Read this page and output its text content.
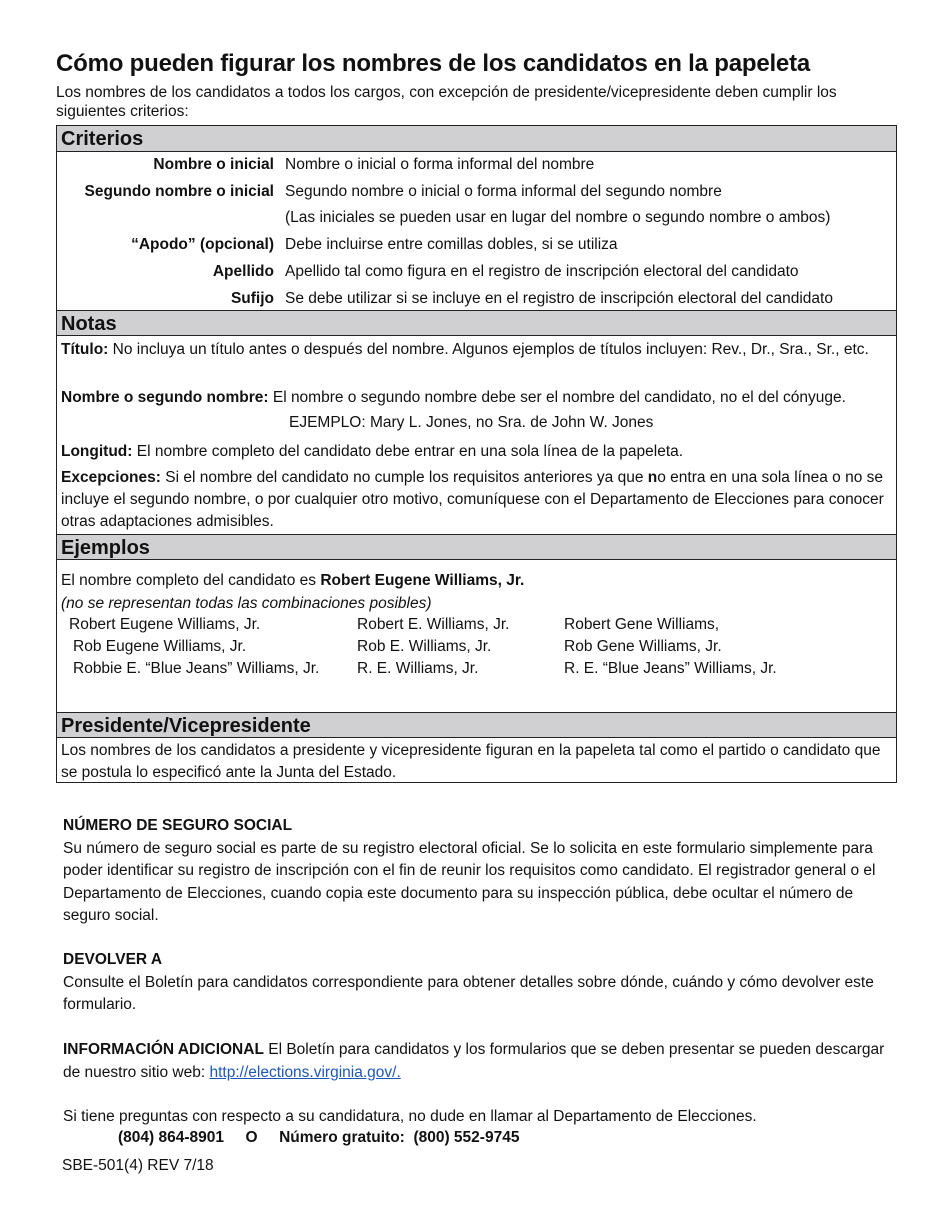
Cómo pueden figurar los nombres de los candidatos en la papeleta
Los nombres de los candidatos a todos los cargos, con excepción de presidente/vicepresidente deben cumplir los siguientes criterios:
Criterios
Nombre o inicial Nombre o inicial o forma informal del nombre
Segundo nombre o inicial Segundo nombre o inicial o forma informal del segundo nombre
(Las iniciales se pueden usar en lugar del nombre o segundo nombre o ambos)
“Apodo” (opcional) Debe incluirse entre comillas dobles, si se utiliza
Apellido Apellido tal como figura en el registro de inscripción electoral del candidato
Sufijo Se debe utilizar si se incluye en el registro de inscripción electoral del candidato
Notas
Título: No incluya un título antes o después del nombre. Algunos ejemplos de títulos incluyen: Rev., Dr., Sra., Sr., etc.
Nombre o segundo nombre: El nombre o segundo nombre debe ser el nombre del candidato, no el del cónyuge.
EJEMPLO: Mary L. Jones, no Sra. de John W. Jones
Longitud: El nombre completo del candidato debe entrar en una sola línea de la papeleta.
Excepciones: Si el nombre del candidato no cumple los requisitos anteriores ya que no entra en una sola línea o no se incluye el segundo nombre, o por cualquier otro motivo, comuníquese con el Departamento de Elecciones para conocer otras adaptaciones admisibles.
Ejemplos
El nombre completo del candidato es Robert Eugene Williams, Jr.
(no se representan todas las combinaciones posibles)
Robert Eugene Williams, Jr.
Rob Eugene Williams, Jr.
Robbie E. “Blue Jeans” Williams, Jr.
Robert E. Williams, Jr.
Rob E. Williams, Jr.
R. E. Williams, Jr.
Robert Gene Williams,
Rob Gene Williams, Jr.
R. E. “Blue Jeans” Williams, Jr.
Presidente/Vicepresidente
Los nombres de los candidatos a presidente y vicepresidente figuran en la papeleta tal como el partido o candidato que se postula lo especificó ante la Junta del Estado.
NÚMERO DE SEGURO SOCIAL
Su número de seguro social es parte de su registro electoral oficial. Se lo solicita en este formulario simplemente para poder identificar su registro de inscripción con el fin de reunir los requisitos como candidato. El registrador general o el Departamento de Elecciones, cuando copia este documento para su inspección pública, debe ocultar el número de seguro social.
DEVOLVER A
Consulte el Boletín para candidatos correspondiente para obtener detalles sobre dónde, cuándo y cómo devolver este formulario.
INFORMACIÓN ADICIONAL El Boletín para candidatos y los formularios que se deben presentar se pueden descargar de nuestro sitio web: http://elections.virginia.gov/.
Si tiene preguntas con respecto a su candidatura, no dude en llamar al Departamento de Elecciones.
(804) 864-8901     O     Número gratuito:  (800) 552-9745
SBE-501(4) REV 7/18
